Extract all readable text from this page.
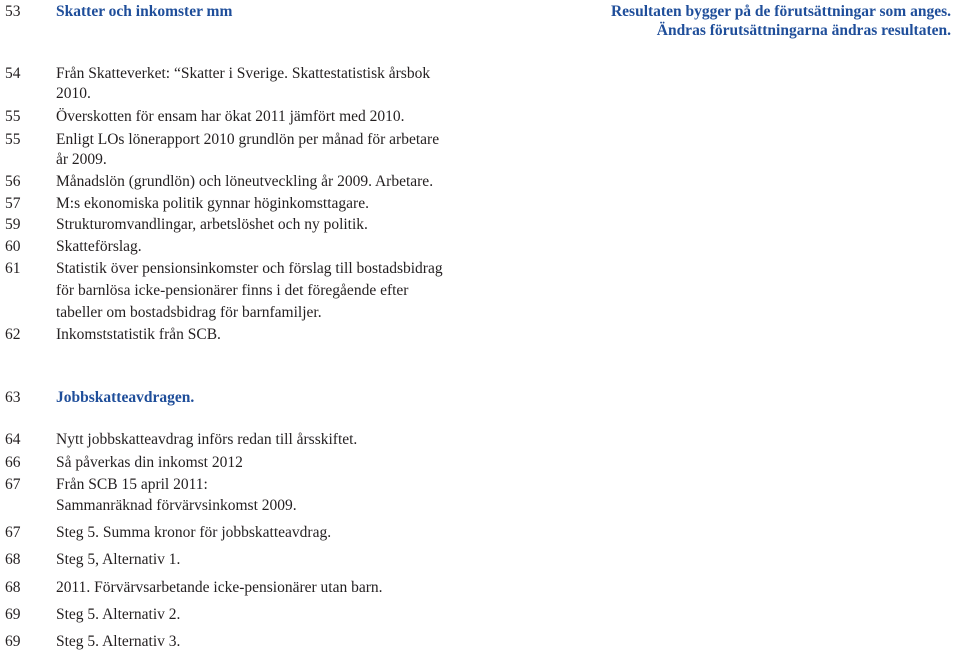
53	Skatter och inkomster mm	Resultaten bygger på de förutsättningar som anges.
Ändras förutsättningarna ändras resultaten.
54	Från Skatteverket: “Skatter i Sverige. Skattestatistisk årsbok
2010.
55	Överskotten för ensam har ökat 2011 jämfört med 2010.
55	Enligt LOs lönerapport 2010 grundlön per månad för arbetare
år 2009.
56	Månadslön (grundlön) och löneutveckling år 2009. Arbetare.
57	M:s ekonomiska politik gynnar höginkomsttagare.
59	Strukturomvandlingar, arbetslöshet och ny politik.
60	Skatteförslag.
61	Statistik över pensionsinkomster och förslag till bostadsbidrag
för barnlösa icke-pensionärer finns i det föregående efter
tabeller om bostadsbidrag för barnfamiljer.
62	Inkomststatistik från SCB.
63	Jobbskatteavdragen.
64	Nytt jobbskatteavdrag införs redan till årsskiftet.
66	Så påverkas din inkomst 2012
67	Från SCB 15 april 2011:
Sammanräknad förvärvsinkomst 2009.
67	Steg 5. Summa kronor för jobbskatteavdrag.
68	Steg 5, Alternativ 1.
68	2011. Förvärvsarbetande icke-pensionärer utan barn.
69	Steg 5. Alternativ 2.
69	Steg 5. Alternativ 3.
